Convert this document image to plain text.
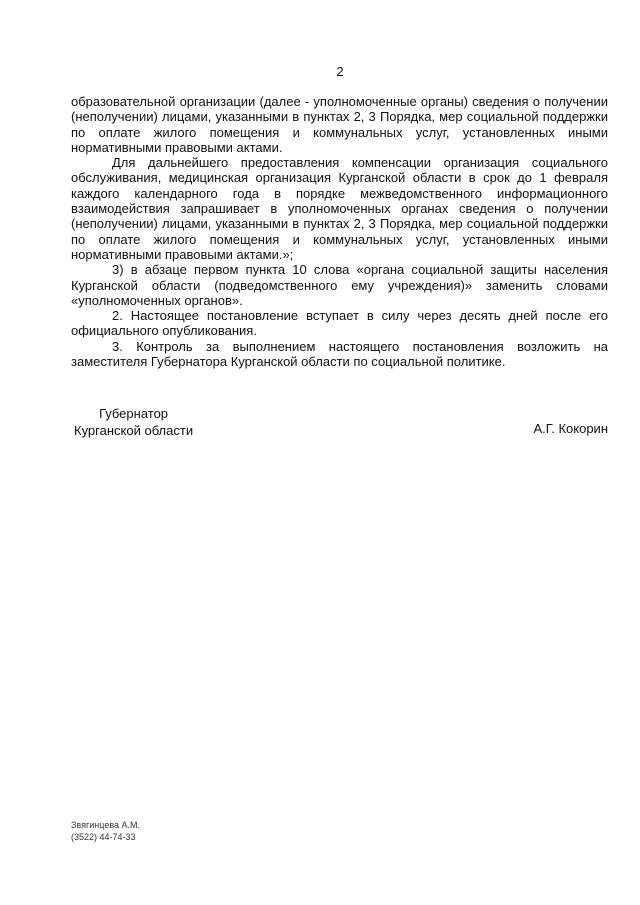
2

образовательной организации (далее - уполномоченные органы) сведения о получении (неполучении) лицами, указанными в пунктах 2, 3 Порядка, мер социальной поддержки по оплате жилого помещения и коммунальных услуг, установленных иными нормативными правовыми актами.

Для дальнейшего предоставления компенсации организация социального обслуживания, медицинская организация Курганской области в срок до 1 февраля каждого календарного года в порядке межведомственного информационного взаимодействия запрашивает в уполномоченных органах сведения о получении (неполучении) лицами, указанными в пунктах 2, 3 Порядка, мер социальной поддержки по оплате жилого помещения и коммунальных услуг, установленных иными нормативными правовыми актами.»;

3) в абзаце первом пункта 10 слова «органа социальной защиты населения Курганской области (подведомственного ему учреждения)» заменить словами «уполномоченных органов».

2. Настоящее постановление вступает в силу через десять дней после его официального опубликования.

3. Контроль за выполнением настоящего постановления возложить на заместителя Губернатора Курганской области по социальной политике.

Губернатор
Курганской области	А.Г. Кокорин
Звягинцева А.М.
(3522) 44-74-33
